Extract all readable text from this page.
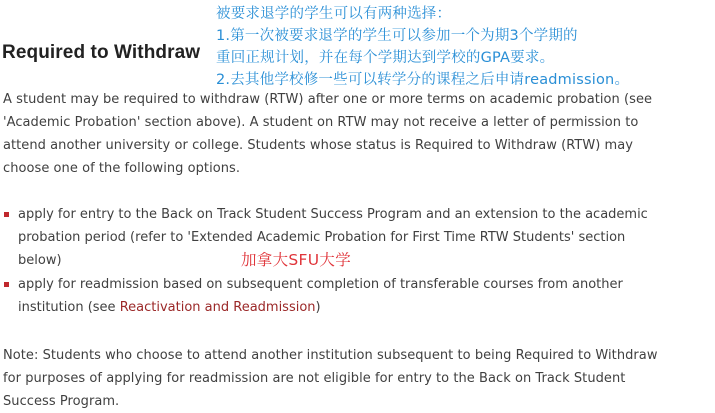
被要求退学的学生可以有两种选择：
1.第一次被要求退学的学生可以参加一个为期3个学期的
重回正规计划，并在每个学期达到学校的GPA要求。
2.去其他学校修一些可以转学分的课程之后申请readmission。
Required to Withdraw
A student may be required to withdraw (RTW) after one or more terms on academic probation (see
'Academic Probation' section above). A student on RTW may not receive a letter of permission to
attend another university or college. Students whose status is Required to Withdraw (RTW) may
choose one of the following options.
apply for entry to the Back on Track Student Success Program and an extension to the academic
probation period (refer to 'Extended Academic Probation for First Time RTW Students' section
below)
apply for readmission based on subsequent completion of transferable courses from another
institution (see Reactivation and Readmission)
加拿大SFU大学
Note: Students who choose to attend another institution subsequent to being Required to Withdraw
for purposes of applying for readmission are not eligible for entry to the Back on Track Student
Success Program.
